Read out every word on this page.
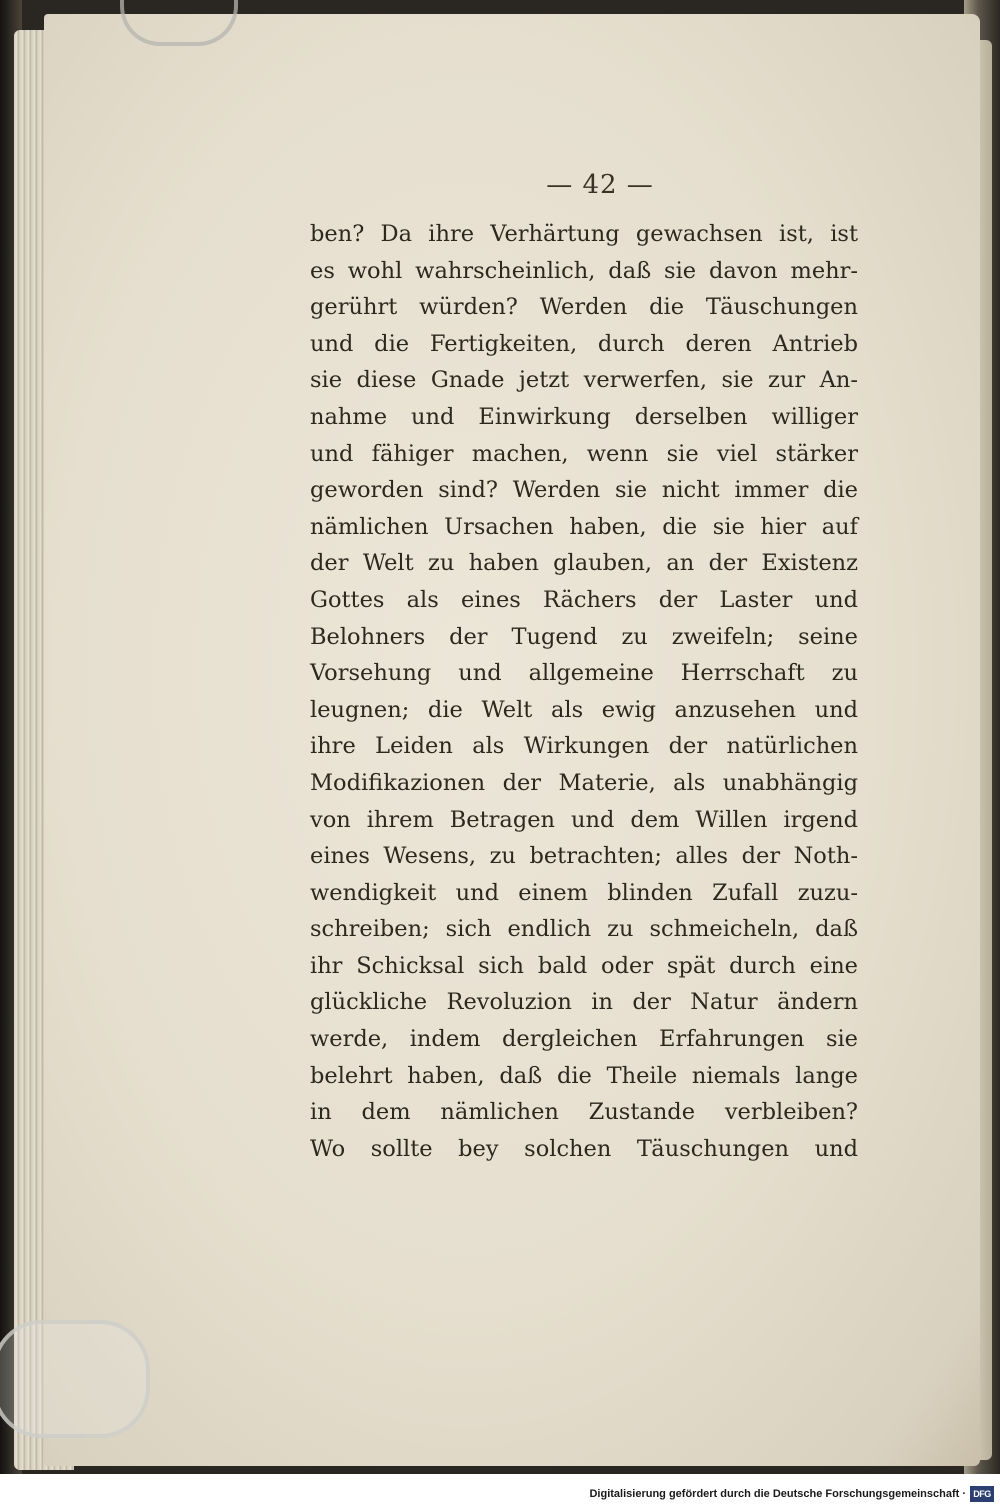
— 42 —
ben? Da ihre Verhärtung gewachsen ist, ist
es wohl wahrscheinlich, daß sie davon mehr-
gerührt würden? Werden die Täuschungen
und die Fertigkeiten, durch deren Antrieb
sie diese Gnade jetzt verwerfen, sie zur An-
nahme und Einwirkung derselben williger
und fähiger machen, wenn sie viel stärker
geworden sind? Werden sie nicht immer die
nämlichen Ursachen haben, die sie hier auf
der Welt zu haben glauben, an der Existenz
Gottes als eines Rächers der Laster und
Belohners der Tugend zu zweifeln; seine
Vorsehung und allgemeine Herrschaft zu
leugnen; die Welt als ewig anzusehen und
ihre Leiden als Wirkungen der natürlichen
Modifikazionen der Materie, als unabhängig
von ihrem Betragen und dem Willen irgend
eines Wesens, zu betrachten; alles der Noth-
wendigkeit und einem blinden Zufall zuzu-
schreiben; sich endlich zu schmeicheln, daß
ihr Schicksal sich bald oder spät durch eine
glückliche Revoluzion in der Natur ändern
werde, indem dergleichen Erfahrungen sie
belehrt haben, daß die Theile niemals lange
in dem nämlichen Zustande verbleiben?
Wo sollte bey solchen Täuschungen und
Digitalisierung gefördert durch die Deutsche Forschungsgemeinschaft · DFG
